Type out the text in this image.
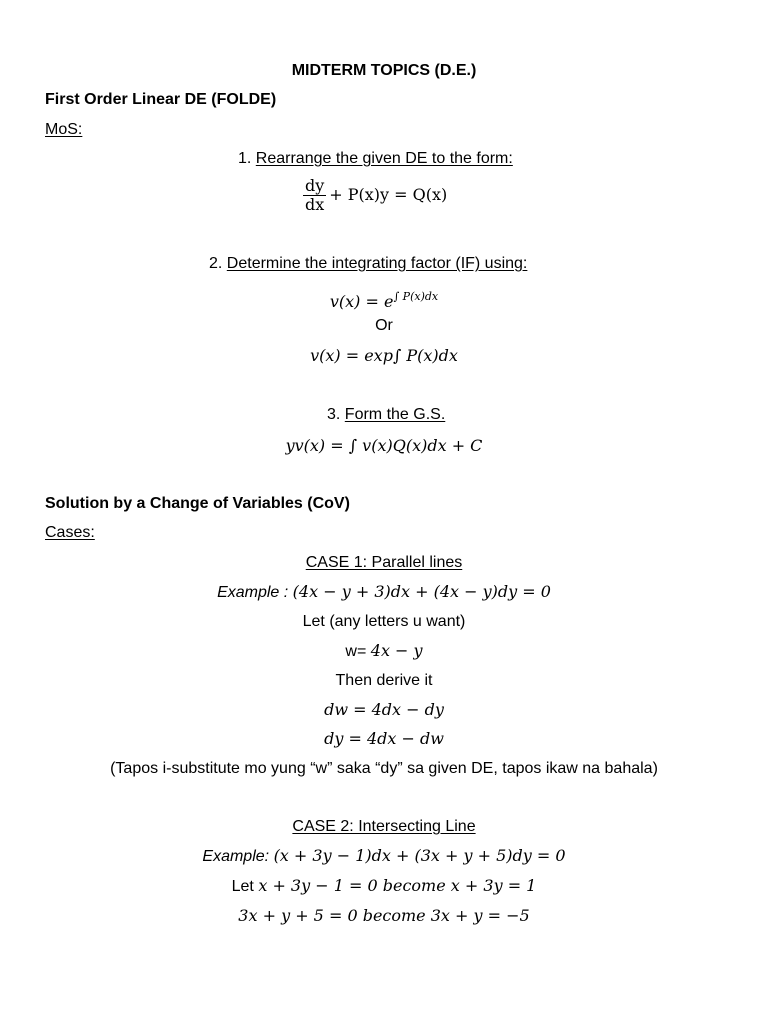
MIDTERM TOPICS (D.E.)
First Order Linear DE (FOLDE)
MoS:
1. Rearrange the given DE to the form:
$\frac{dy}{dx} + P(x)y = Q(x)$
2. Determine the integrating factor (IF) using:
$v(x) = e^{\int P(x)dx}$
Or
v(x) = exp∫ P(x)dx
3. Form the G.S.
yv(x) = ∫ v(x)Q(x)dx + C
Solution by a Change of Variables (CoV)
Cases:
CASE 1: Parallel lines
Example : (4x − y + 3)dx + (4x − y)dy = 0
Let (any letters u want)
w= 4x − y
Then derive it
dw = 4dx − dy
dy = 4dx − dw
(Tapos i-substitute mo yung “w” saka “dy” sa given DE, tapos ikaw na bahala)
CASE 2: Intersecting Line
Example: (x + 3y − 1)dx + (3x + y + 5)dy = 0
Let x + 3y − 1 = 0 become x + 3y = 1
3x + y + 5 = 0 become 3x + y = −5
